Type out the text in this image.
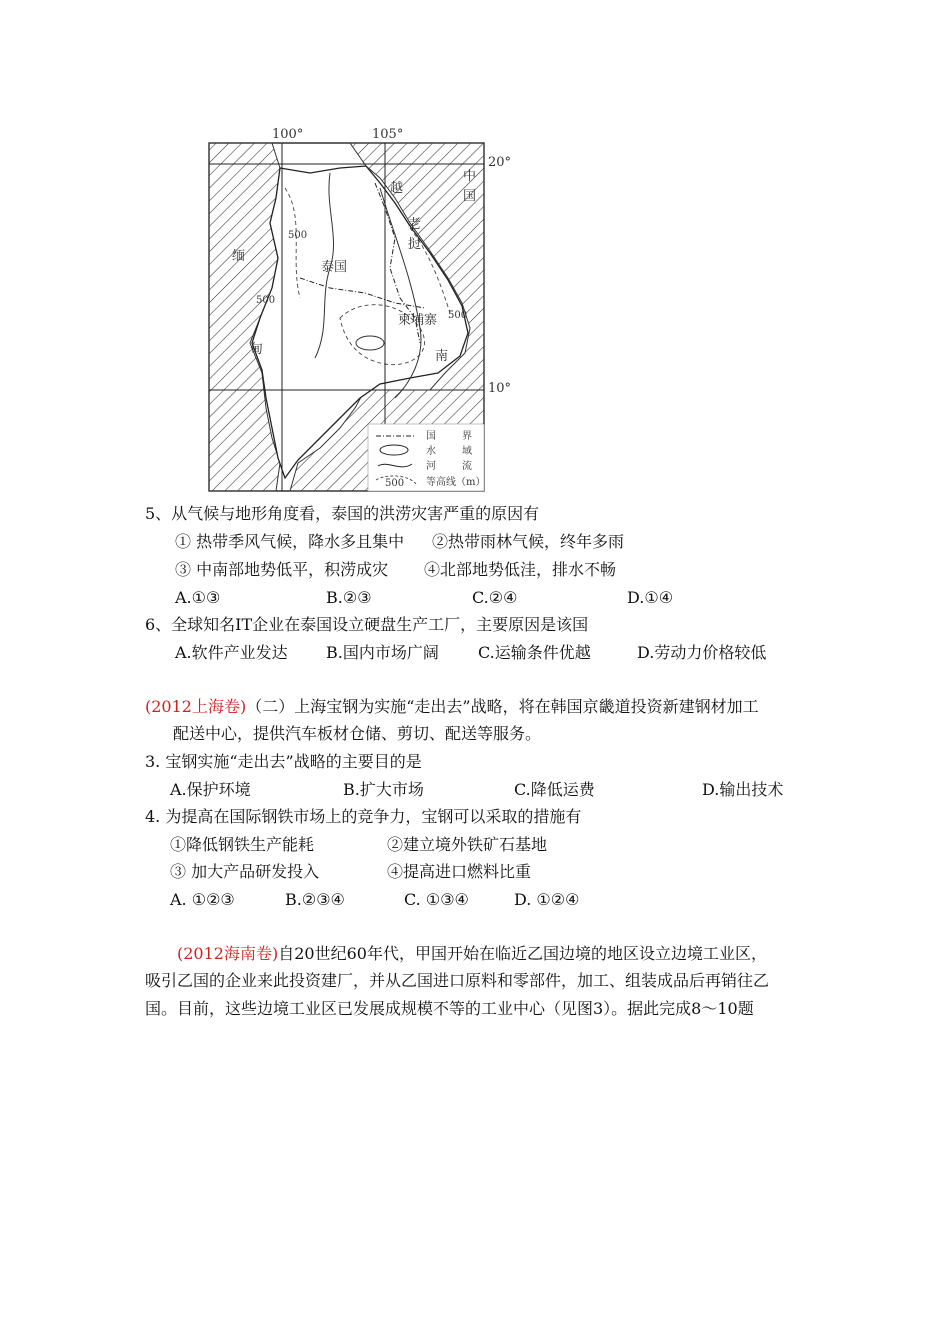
100°	105°
20°
10°
泰国
柬埔寨
中
国
越
老
挝
南
缅
甸
500
500
500
国	界
水	域
河	流
500 等高线（m）
5、从气候与地形角度看，泰国的洪涝灾害严重的原因有
① 热带季风气候，降水多且集中 ②热带雨林气候，终年多雨
③ 中南部地势低平，积涝成灾 ④北部地势低洼，排水不畅
A.①③	B.②③	C.②④	D.①④
6、全球知名IT企业在泰国设立硬盘生产工厂，主要原因是该国
A.软件产业发达 B.国内市场广阔 C.运输条件优越	D.劳动力价格较低
(2012上海卷)（二）上海宝钢为实施“走出去”战略，将在韩国京畿道投资新建钢材加工
配送中心，提供汽车板材仓储、剪切、配送等服务。
3. 宝钢实施“走出去”战略的主要目的是
A.保护环境	B.扩大市场	C.降低运费	D.输出技术
4. 为提高在国际钢铁市场上的竞争力，宝钢可以采取的措施有
①降低钢铁生产能耗	②建立境外铁矿石基地
③ 加大产品研发投入	④提高进口燃料比重
A. ①②③	B.②③④	C. ①③④	D. ①②④
(2012海南卷)自20世纪60年代，甲国开始在临近乙国边境的地区设立边境工业区，
吸引乙国的企业来此投资建厂，并从乙国进口原料和零部件，加工、组装成品后再销往乙
国。目前，这些边境工业区已发展成规模不等的工业中心（见图3）。据此完成8～10题
